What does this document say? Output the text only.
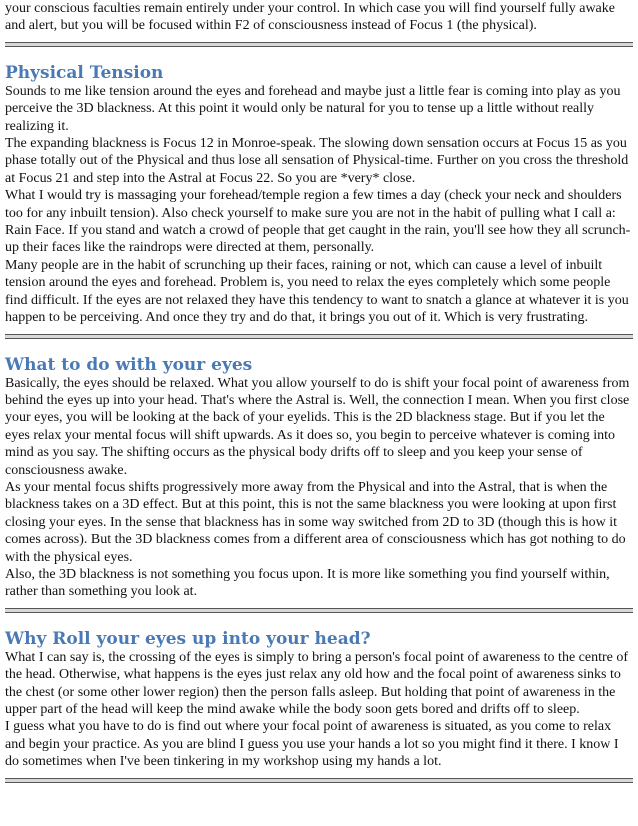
your conscious faculties remain entirely under your control. In which case you will find yourself fully awake and alert, but you will be focused within F2 of consciousness instead of Focus 1 (the physical).

Physical Tension

Sounds to me like tension around the eyes and forehead and maybe just a little fear is coming into play as you perceive the 3D blackness. At this point it would only be natural for you to tense up a little without really realizing it.

The expanding blackness is Focus 12 in Monroe-speak. The slowing down sensation occurs at Focus 15 as you phase totally out of the Physical and thus lose all sensation of Physical-time. Further on you cross the threshold at Focus 21 and step into the Astral at Focus 22. So you are *very* close.

What I would try is massaging your forehead/temple region a few times a day (check your neck and shoulders too for any inbuilt tension). Also check yourself to make sure you are not in the habit of pulling what I call a: Rain Face. If you stand and watch a crowd of people that get caught in the rain, you'll see how they all scrunch-up their faces like the raindrops were directed at them, personally.

Many people are in the habit of scrunching up their faces, raining or not, which can cause a level of inbuilt tension around the eyes and forehead. Problem is, you need to relax the eyes completely which some people find difficult. If the eyes are not relaxed they have this tendency to want to snatch a glance at whatever it is you happen to be perceiving. And once they try and do that, it brings you out of it. Which is very frustrating.

What to do with your eyes

Basically, the eyes should be relaxed. What you allow yourself to do is shift your focal point of awareness from behind the eyes up into your head. That's where the Astral is. Well, the connection I mean. When you first close your eyes, you will be looking at the back of your eyelids. This is the 2D blackness stage. But if you let the eyes relax your mental focus will shift upwards. As it does so, you begin to perceive whatever is coming into mind as you say. The shifting occurs as the physical body drifts off to sleep and you keep your sense of consciousness awake.

As your mental focus shifts progressively more away from the Physical and into the Astral, that is when the blackness takes on a 3D effect. But at this point, this is not the same blackness you were looking at upon first closing your eyes. In the sense that blackness has in some way switched from 2D to 3D (though this is how it comes across). But the 3D blackness comes from a different area of consciousness which has got nothing to do with the physical eyes.

Also, the 3D blackness is not something you focus upon. It is more like something you find yourself within, rather than something you look at.

Why Roll your eyes up into your head?

What I can say is, the crossing of the eyes is simply to bring a person's focal point of awareness to the centre of the head. Otherwise, what happens is the eyes just relax any old how and the focal point of awareness sinks to the chest (or some other lower region) then the person falls asleep. But holding that point of awareness in the upper part of the head will keep the mind awake while the body soon gets bored and drifts off to sleep.

I guess what you have to do is find out where your focal point of awareness is situated, as you come to relax and begin your practice. As you are blind I guess you use your hands a lot so you might find it there. I know I do sometimes when I've been tinkering in my workshop using my hands a lot.
